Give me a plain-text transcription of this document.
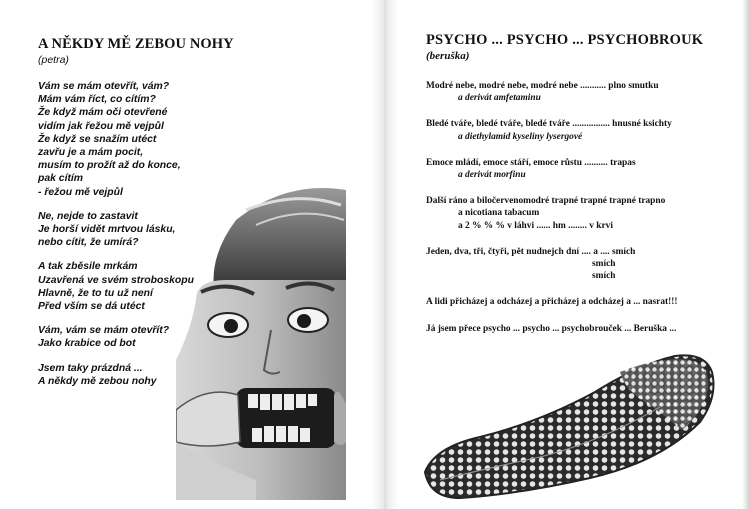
A NĚKDY MĚ ZEBOU NOHY
(petra)
Vám se mám otevřít, vám?
Mám vám říct, co cítím?
Že když mám oči otevřené
vidím jak řežou mě vejpůl
Že když se snažím utéct
zavřu je a mám pocit,
musím to prožít až do konce,
pak cítím
- řežou mě vejpůl
Ne, nejde to zastavit
Je horší vidět mrtvou lásku,
nebo cítit, že umírá?
A tak zběsile mrkám
Uzavřená ve svém stroboskopu
Hlavně, že to tu už není
Před vším se dá utéct
Vám, vám se mám otevřít?
Jako krabice od bot
Jsem taky prázdná ...
A někdy mě zebou nohy
PSYCHO ... PSYCHO ... PSYCHOBROUK
(beruška)
Modré nebe, modré nebe, modré nebe ........... plno smutku
a derivát amfetaminu
Bledé tváře, bledé tváře, bledé tváře ................ hnusné ksichty
a diethylamid kyseliny lysergové
Emoce mládí, emoce stáří, emoce růstu .......... trapas
a derivát morfinu
Další ráno a biločervenomodré trapné trapné trapné trapno
a nicotiana tabacum
a 2 % % % v láhvi ...... hm ........ v krvi
Jeden, dva, tři, čtyři, pět nudnejch dní .... a .... smích
smích
smích
A lidi přicházej a odcházej a přicházej a odcházej a ... nasrat!!!
Já jsem přece psycho ... psycho ... psychobrouček ... Beruška ...
